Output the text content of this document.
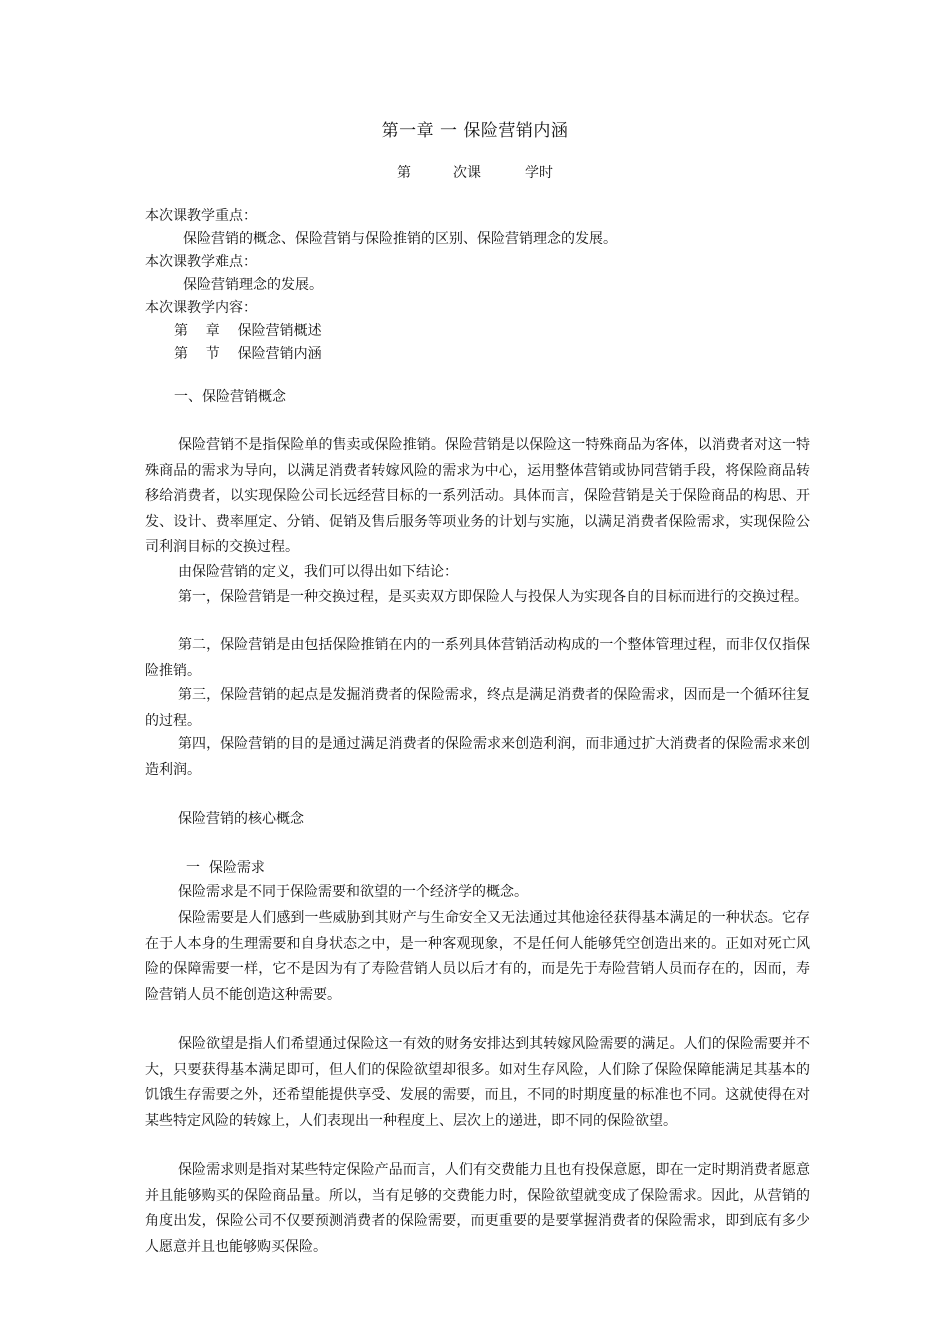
第一章 一 保险营销内涵
第	次课	学时
本次课教学重点：
保险营销的概念、保险营销与保险推销的区别、保险营销理念的发展。
本次课教学难点：
保险营销理念的发展。
本次课教学内容：
第    章    保险营销概述
第    节    保险营销内涵
一、保险营销概念
保险营销不是指保险单的售卖或保险推销。保险营销是以保险这一特殊商品为客体，以消费者对这一特殊商品的需求为导向，以满足消费者转嫁风险的需求为中心，运用整体营销或协同营销手段，将保险商品转移给消费者，以实现保险公司长远经营目标的一系列活动。具体而言，保险营销是关于保险商品的构思、开发、设计、费率厘定、分销、促销及售后服务等项业务的计划与实施，以满足消费者保险需求，实现保险公司利润目标的交换过程。
由保险营销的定义，我们可以得出如下结论：
第一，保险营销是一种交换过程，是买卖双方即保险人与投保人为实现各自的目标而进行的交换过程。
第二，保险营销是由包括保险推销在内的一系列具体营销活动构成的一个整体管理过程，而非仅仅指保险推销。
第三，保险营销的起点是发掘消费者的保险需求，终点是满足消费者的保险需求，因而是一个循环往复的过程。
第四，保险营销的目的是通过满足消费者的保险需求来创造利润，而非通过扩大消费者的保险需求来创造利润。
保险营销的核心概念
一  保险需求
保险需求是不同于保险需要和欲望的一个经济学的概念。
保险需要是人们感到一些威胁到其财产与生命安全又无法通过其他途径获得基本满足的一种状态。它存在于人本身的生理需要和自身状态之中，是一种客观现象，不是任何人能够凭空创造出来的。正如对死亡风险的保障需要一样，它不是因为有了寿险营销人员以后才有的，而是先于寿险营销人员而存在的，因而，寿险营销人员不能创造这种需要。
保险欲望是指人们希望通过保险这一有效的财务安排达到其转嫁风险需要的满足。人们的保险需要并不大，只要获得基本满足即可，但人们的保险欲望却很多。如对生存风险，人们除了保险保障能满足其基本的饥饿生存需要之外，还希望能提供享受、发展的需要，而且，不同的时期度量的标准也不同。这就使得在对某些特定风险的转嫁上，人们表现出一种程度上、层次上的递进，即不同的保险欲望。
保险需求则是指对某些特定保险产品而言，人们有交费能力且也有投保意愿，即在一定时期消费者愿意并且能够购买的保险商品量。所以，当有足够的交费能力时，保险欲望就变成了保险需求。因此，从营销的角度出发，保险公司不仅要预测消费者的保险需要，而更重要的是要掌握消费者的保险需求，即到底有多少人愿意并且也能够购买保险。
